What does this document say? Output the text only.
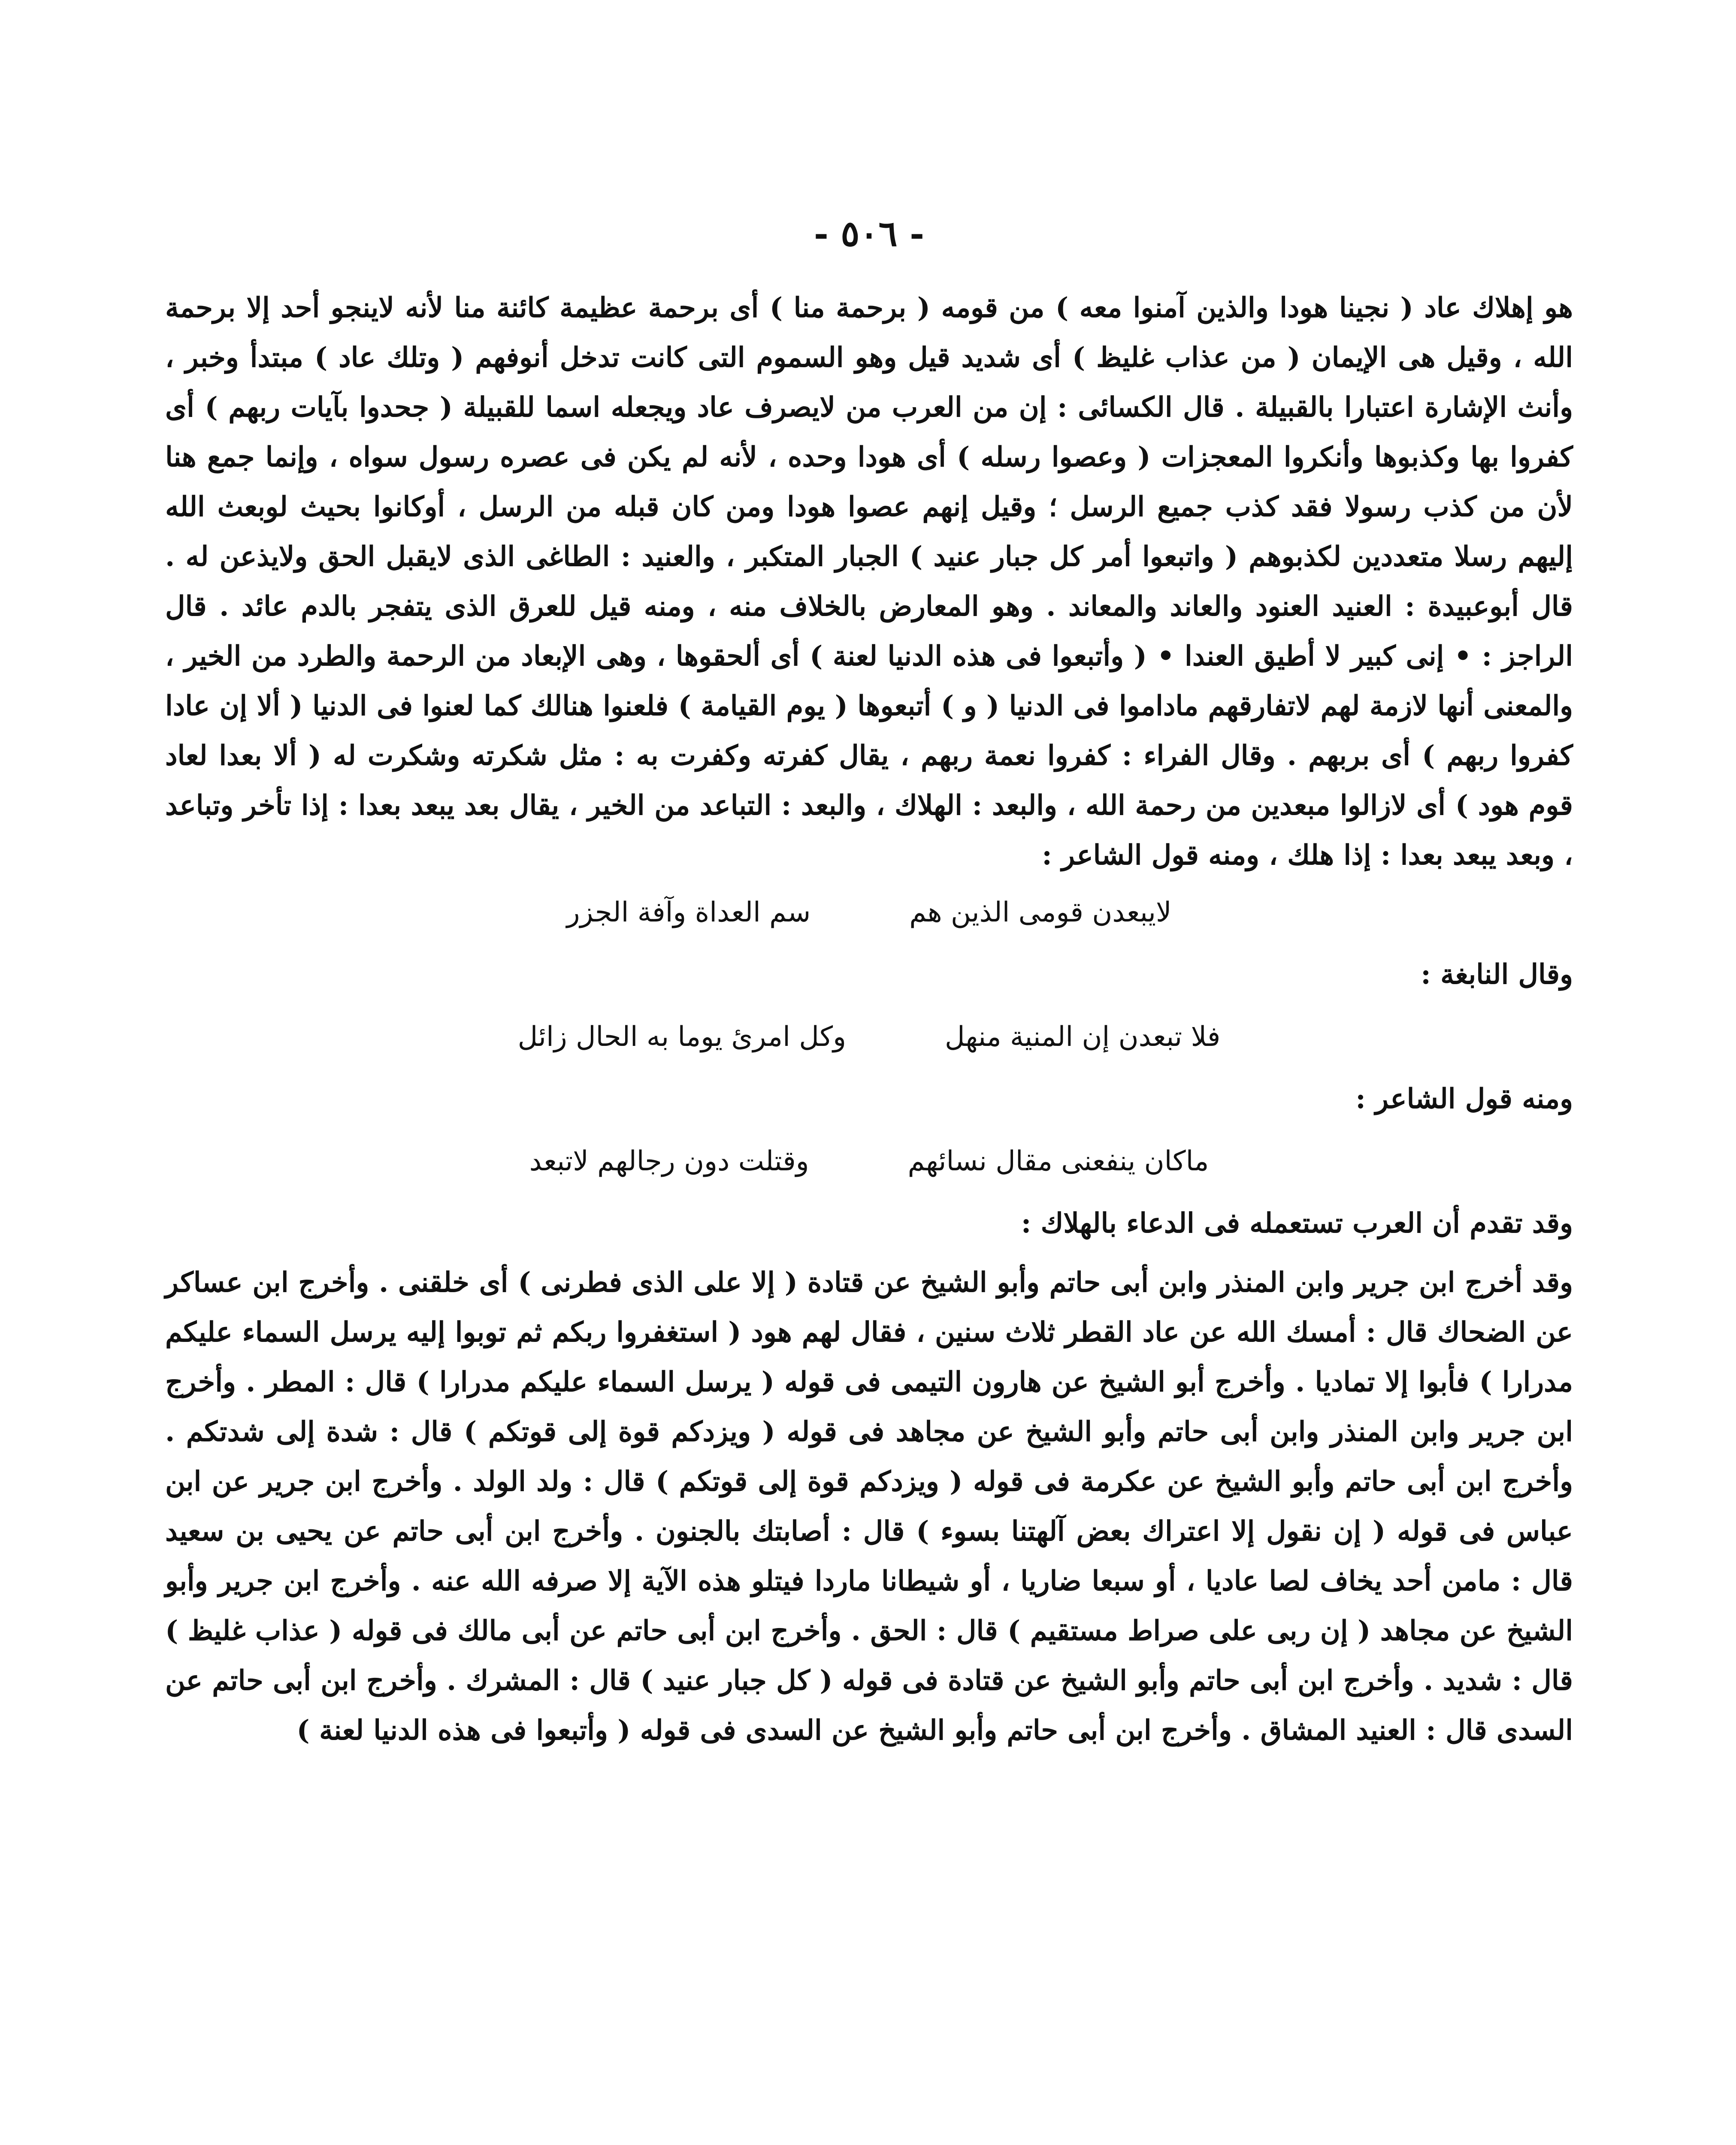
- ٥٠٦ -

هو إهلاك عاد ( نجينا هودا والذين آمنوا معه ) من قومه ( برحمة منا ) أى برحمة عظيمة كائنة منا لأنه لاينجو أحد إلا برحمة الله ، وقيل هى الإيمان ( من عذاب غليظ ) أى شديد قيل وهو السموم التى كانت تدخل أنوفهم ( وتلك عاد ) مبتدأ وخبر ، وأنث الإشارة اعتبارا بالقبيلة . قال الكسائى : إن من العرب من لايصرف عاد ويجعله اسما للقبيلة ( جحدوا بآيات ربهم ) أى كفروا بها وكذبوها وأنكروا المعجزات ( وعصوا رسله ) أى هودا وحده ، لأنه لم يكن فى عصره رسول سواه ، وإنما جمع هنا لأن من كذب رسولا فقد كذب جميع الرسل ؛ وقيل إنهم عصوا هودا ومن كان قبله من الرسل ، أوكانوا بحيث لوبعث الله إليهم رسلا متعددين لكذبوهم ( واتبعوا أمر كل جبار عنيد ) الجبار المتكبر ، والعنيد : الطاغى الذى لايقبل الحق ولايذعن له . قال أبوعبيدة : العنيد العنود والعاند والمعاند . وهو المعارض بالخلاف منه ، ومنه قيل للعرق الذى يتفجر بالدم عائد . قال الراجز : • إنى كبير لا أطيق العندا • ( وأتبعوا فى هذه الدنيا لعنة ) أى ألحقوها ، وهى الإبعاد من الرحمة والطرد من الخير ، والمعنى أنها لازمة لهم لاتفارقهم ماداموا فى الدنيا ( و ) أتبعوها ( يوم القيامة ) فلعنوا هنالك كما لعنوا فى الدنيا ( ألا إن عادا كفروا ربهم ) أى بربهم . وقال الفراء : كفروا نعمة ربهم ، يقال كفرته وكفرت به : مثل شكرته وشكرت له ( ألا بعدا لعاد قوم هود ) أى لازالوا مبعدين من رحمة الله ، والبعد : الهلاك ، والبعد : التباعد من الخير ، يقال بعد يبعد بعدا : إذا تأخر وتباعد ، وبعد يبعد بعدا : إذا هلك ، ومنه قول الشاعر :

لايبعدن قومى الذين هم
سم العداة وآفة الجزر
وقال النابغة :
فلا تبعدن إن المنية منهل
وكل امرئ يوما به الحال زائل
ومنه قول الشاعر :
ماكان ينفعنى مقال نسائهم
وقتلت دون رجالهم لاتبعد
وقد تقدم أن العرب تستعمله فى الدعاء بالهلاك :

وقد أخرج ابن جرير وابن المنذر وابن أبى حاتم وأبو الشيخ عن قتادة ( إلا على الذى فطرنى ) أى خلقنى . وأخرج ابن عساكر عن الضحاك قال : أمسك الله عن عاد القطر ثلاث سنين ، فقال لهم هود ( استغفروا ربكم ثم توبوا إليه يرسل السماء عليكم مدرارا ) فأبوا إلا تماديا . وأخرج أبو الشيخ عن هارون التيمى فى قوله ( يرسل السماء عليكم مدرارا ) قال : المطر . وأخرج ابن جرير وابن المنذر وابن أبى حاتم وأبو الشيخ عن مجاهد فى قوله ( ويزدكم قوة إلى قوتكم ) قال : شدة إلى شدتكم . وأخرج ابن أبى حاتم وأبو الشيخ عن عكرمة فى قوله ( ويزدكم قوة إلى قوتكم ) قال : ولد الولد . وأخرج ابن جرير عن ابن عباس فى قوله ( إن نقول إلا اعتراك بعض آلهتنا بسوء ) قال : أصابتك بالجنون . وأخرج ابن أبى حاتم عن يحيى بن سعيد قال : مامن أحد يخاف لصا عاديا ، أو سبعا ضاريا ، أو شيطانا ماردا فيتلو هذه الآية إلا صرفه الله عنه . وأخرج ابن جرير وأبو الشيخ عن مجاهد ( إن ربى على صراط مستقيم ) قال : الحق . وأخرج ابن أبى حاتم عن أبى مالك فى قوله ( عذاب غليظ ) قال : شديد . وأخرج ابن أبى حاتم وأبو الشيخ عن قتادة فى قوله ( كل جبار عنيد ) قال : المشرك . وأخرج ابن أبى حاتم عن السدى قال : العنيد المشاق . وأخرج ابن أبى حاتم وأبو الشيخ عن السدى فى قوله ( وأتبعوا فى هذه الدنيا لعنة )
